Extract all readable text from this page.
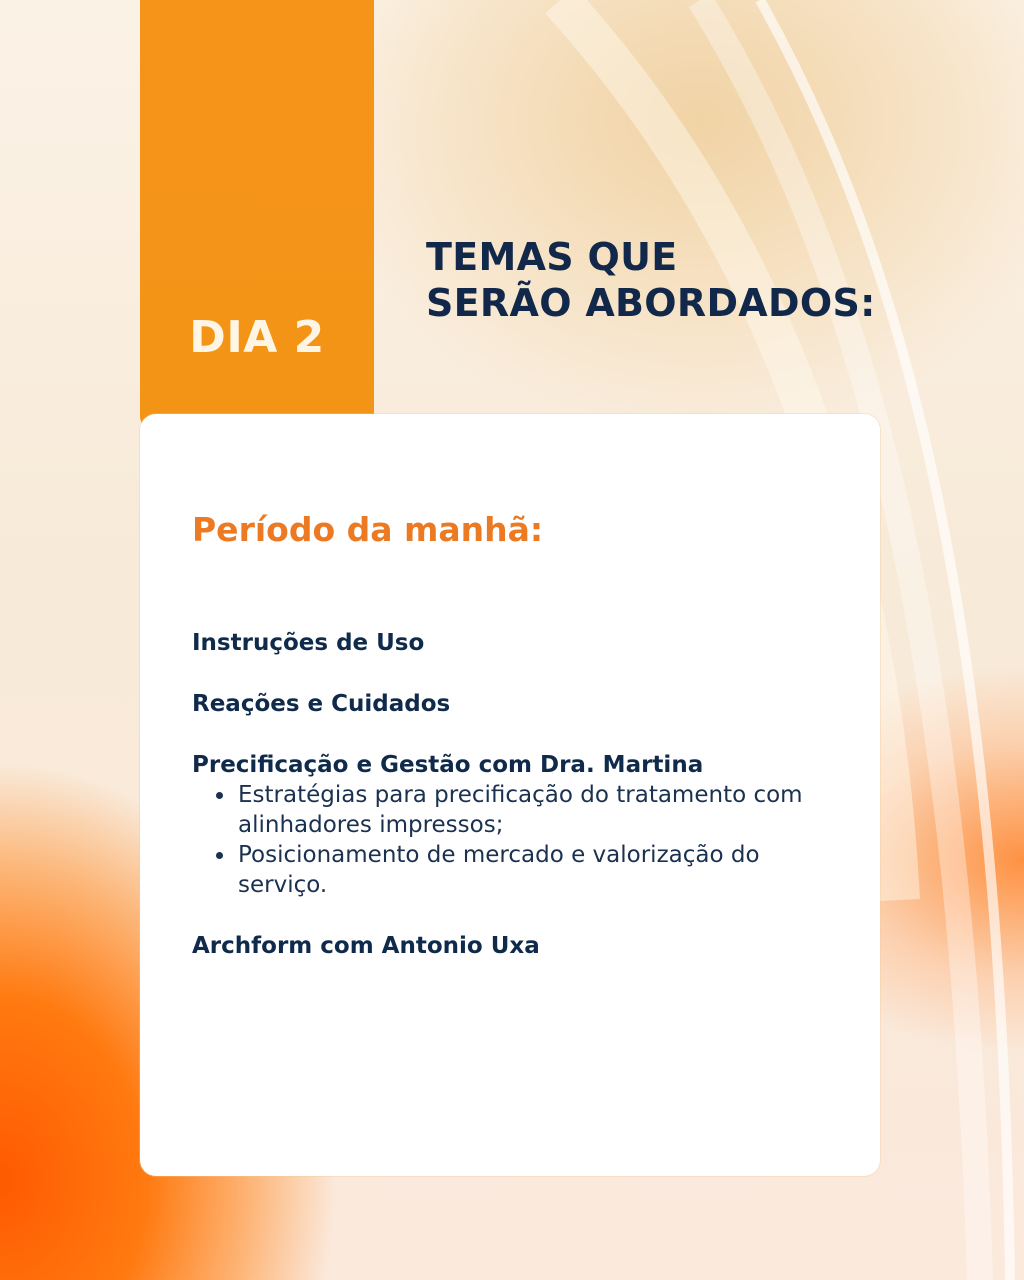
DIA 2
TEMAS QUE
SERÃO ABORDADOS:
Período da manhã:
Instruções de Uso
Reações e Cuidados
Precificação e Gestão com Dra. Martina
Estratégias para precificação do tratamento com alinhadores impressos;
Posicionamento de mercado e valorização do serviço.
Archform com Antonio Uxa
